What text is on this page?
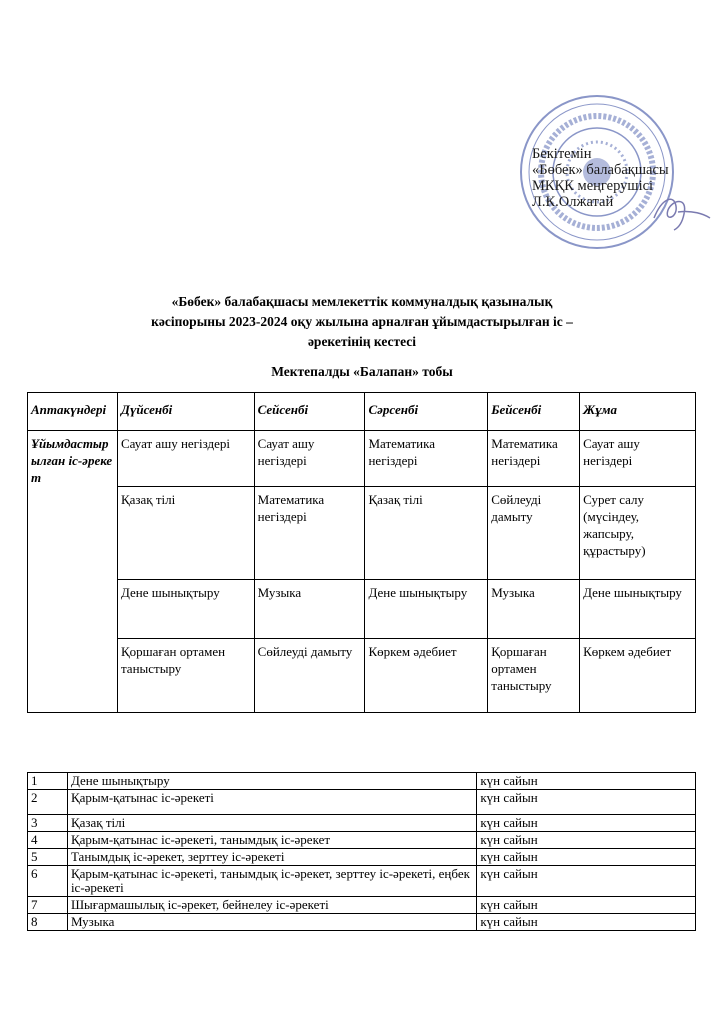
Бекітемін
«Бөбек» балабақшасы
МКҚК меңгерушісі
Л.К.Олжатай
«Бөбек» балабақшасы мемлекеттік коммуналдық қазыналық
кәсіпорыны 2023-2024 оқу жылына арналған ұйымдастырылған іс –
әрекетінің кестесі
Мектепалды «Балапан» тобы
Аптакүндері	Дүйсенбі	Сейсенбі	Сәрсенбі	Бейсенбі	Жұма
Ұйымдастырылған іс-әрекет	Сауат ашу негіздері	Сауат ашу негіздері	Математика негіздері	Математика негіздері	Сауат ашу негіздері
	Қазақ тілі	Математика негіздері	Қазақ тілі	Сөйлеуді дамыту	Сурет салу (мүсіндеу, жапсыру, құрастыру)
	Дене шынықтыру	Музыка	Дене шынықтыру	Музыка	Дене шынықтыру
	Қоршаған ортамен таныстыру	Сөйлеуді дамыту	Көркем әдебиет	Қоршаған ортамен таныстыру	Көркем әдебиет
1	Дене шынықтыру	күн сайын
2	Қарым-қатынас іс-әрекеті	күн сайын
3	Қазақ тілі	күн сайын
4	Қарым-қатынас іс-әрекеті, танымдық іс-әрекет	күн сайын
5	Танымдық іс-әрекет, зерттеу іс-әрекеті	күн сайын
6	Қарым-қатынас іс-әрекеті, танымдық іс-әрекет, зерттеу іс-әрекеті, еңбек іс-әрекеті	күн сайын
7	Шығармашылық іс-әрекет, бейнелеу іс-әрекеті	күн сайын
8	Музыка	күн сайын
